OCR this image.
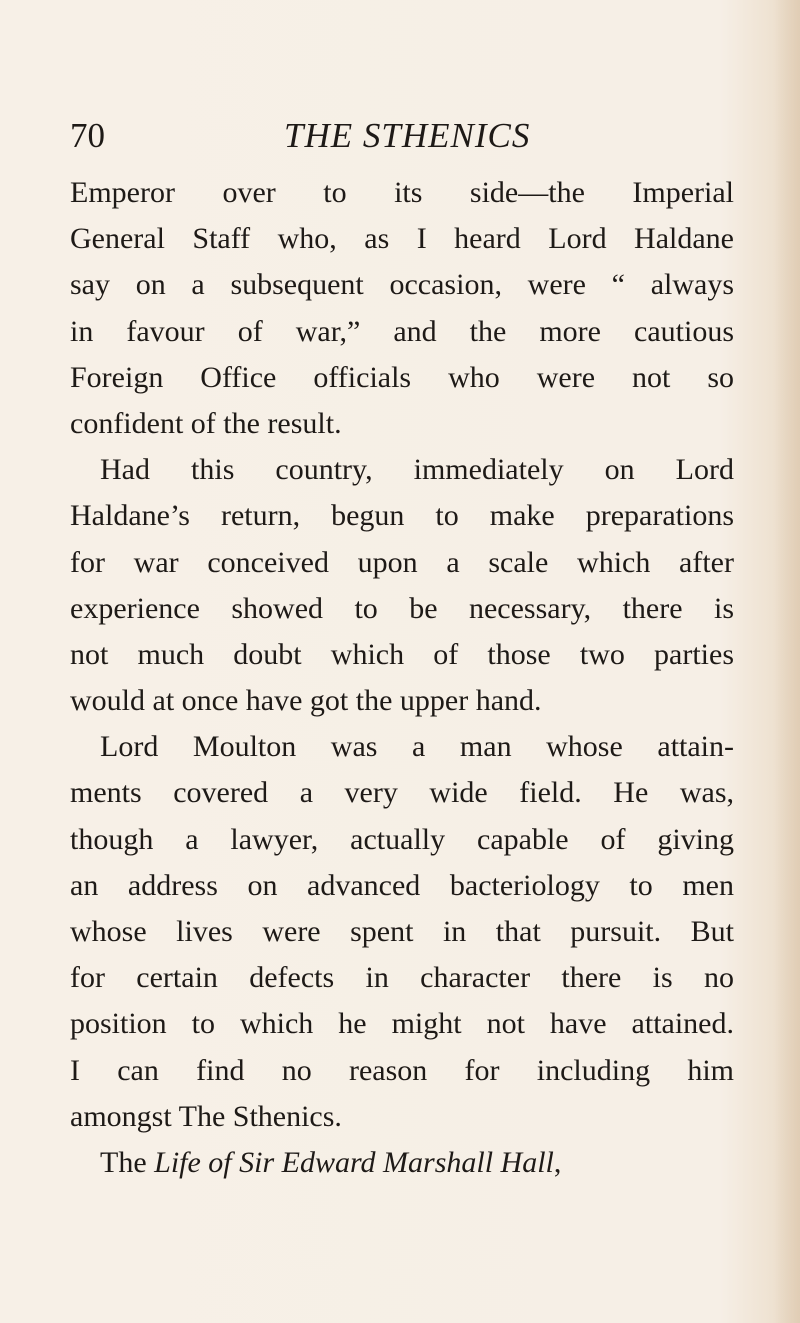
70	THE STHENICS
Emperor over to its side—the Imperial
General Staff who, as I heard Lord Haldane
say on a subsequent occasion, were “ always
in favour of war,” and the more cautious
Foreign Office officials who were not so
confident of the result.
Had this country, immediately on Lord
Haldane’s return, begun to make preparations
for war conceived upon a scale which after
experience showed to be necessary, there is
not much doubt which of those two parties
would at once have got the upper hand.
Lord Moulton was a man whose attain-
ments covered a very wide field. He was,
though a lawyer, actually capable of giving
an address on advanced bacteriology to men
whose lives were spent in that pursuit. But
for certain defects in character there is no
position to which he might not have attained.
I can find no reason for including him
amongst The Sthenics.
The Life of Sir Edward Marshall Hall,
